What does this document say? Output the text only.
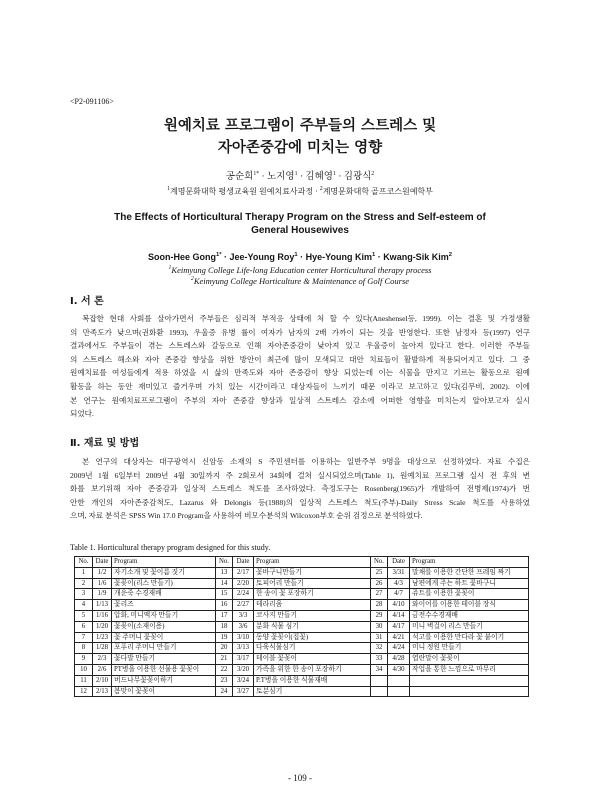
<P2-091106>
원예치료 프로그램이 주부들의 스트레스 및
자아존중감에 미치는 영향
공순희$^{1*}$ · 노지영$^1$ · 김혜영$^1$ · 김광식$^2$
$^1$계명문화대학 평생교육원 원예치료사과정 · $^2$계명문화대학 골프코스원예학부
The Effects of Horticultural Therapy Program on the Stress and Self-esteem of
General Housewives
Soon-Hee Gong$^{1*}$ · Jee-Young Roy$^1$ · Hye-Young Kim$^1$ · Kwang-Sik Kim$^2$
$^1$Keimyung College Life-long Education center Horticultural therapy process
$^2$Keimyung College Horticulture & Maintenance of Golf Course
Ⅰ. 서 론
복잡한 현대 사회를 살아가면서 주부들은 심리적 부적응 상태에 처 할 수 있다(Aneshensel등, 1999). 이는 결혼 및 가정생활
의 만족도가 낮으며(권화환 1993), 우울증 유병 률이 여자가 남자의 2배 가까이 되는 것을 반영한다. 또한 남정자 등(1997) 연구
결과에서도 주부들이 겪는 스트레스와 갈등으로 인해 자아존중감이 낮아져 있고 우울증이 높아져 있다고 한다. 이러한 주부들
의 스트레스 해소와 자아 존중감 향상을 위한 방안이 최근에 많이 모색되고 대안 치료들이 활발하게 적용되어지고 있다. 그 중
원예치료를 여성들에게 적용 하였을 시 삶의 만족도와 자아 존중감이 향상 되었는데 이는 식물을 만지고 기르는 활동으로 원예
활동을 하는 동안 재미있고 즐거우며 가치 있는 시간이라고 대상자들이 느끼기 때문 이라고 보고하고 있다(김무비, 2002). 이에
본 연구는 원예치료프로그램이 주부의 자아 존중감 향상과 일상적 스트레스 감소에 어떠한 영향을 미치는지 알아보고자 실시
되었다.
Ⅱ. 재료 및 방법
본 연구의 대상자는 대구광역시 신암동 소재의 S 주민센터를 이용하는 일반주부 9명을 대상으로 선정하였다. 자료 수집은
2009년 1월 6일부터 2009년 4월 30일까지 주 2회로서 34회에 걸쳐 실시되었으며(Table 1), 원예치료 프로그램 실시 전 후의 변
화를 보기위해 자아 존중감과 일상적 스트레스 척도를 조사하였다. 측정도구는 Rosenberg(1965)가 개발하여 전병제(1974)가 번
안한 개인의 자아존중감척도, Lazarus 와 Delongis 등(1988)의 일상적 스트레스 척도(주부)-Daily Stress Scale 척도를 사용하였
으며, 자료 분석은 SPSS Win 17.0 Program을 사용하여 비모수분석의 Wilcoxon부호 순위 검정으로 분석하였다.
Table 1. Horticultural therapy program designed for this study.
No.	Date	Program	No.	Date	Program	No.	Date	Program
1	1/2	자기소개 및 꽃이름 짓기	13	2/17	꽃바구니만들기	25	3/31	말채를 이용한 간단한 프레임 짜기
2	1/6	꽃꽂이(리스 만들기)	14	2/20	토피어리 만들기	26	4/3	남편에게 주는 하트 꽃바구니
3	1/9	개운죽 수경재배	15	2/24	한 송이 꽃 포장하기	27	4/7	쥬트를 이용한 꽃꽂이
4	1/13	꽃리즈	16	2/27	테라리움	28	4/10	와이어를 이용한 테이블 장식
5	1/16	압화, 미니액자 만들기	17	3/3	코사지 만들기	29	4/14	금전수수경재배
6	1/20	꽃꽂이(소재이용)	18	3/6	분화 식물 심기	30	4/17	미니 벽걸이 리스 만들기
7	1/23	꽃 주머니 꽃꽂이	19	3/10	동양 꽃꽂이(집꽃)	31	4/21	석고를 이용한 만다라 꽃 붙이기
8	1/28	포푸리 주머니 만들기	20	3/13	다육식물심기	32	4/24	미니 정원 만들기
9	2/3	꽃다발 만들기	21	3/17	테이블 꽃꽂이	33	4/28	엽란말이 꽃꽂이
10	2/6	PT병을 이용한 선물용 꽃꽂이	22	3/20	가족을 위한 한 송이 포장하기	34	4/30	작업을 통한 느낌으로 마무리
11	2/10	버드나무꽃꽂이하기	23	3/24	P.T병을 이용한 식물재배			
12	2/13	봄맞이 꽃꽂이	24	3/27	토분심기			
- 109 -
